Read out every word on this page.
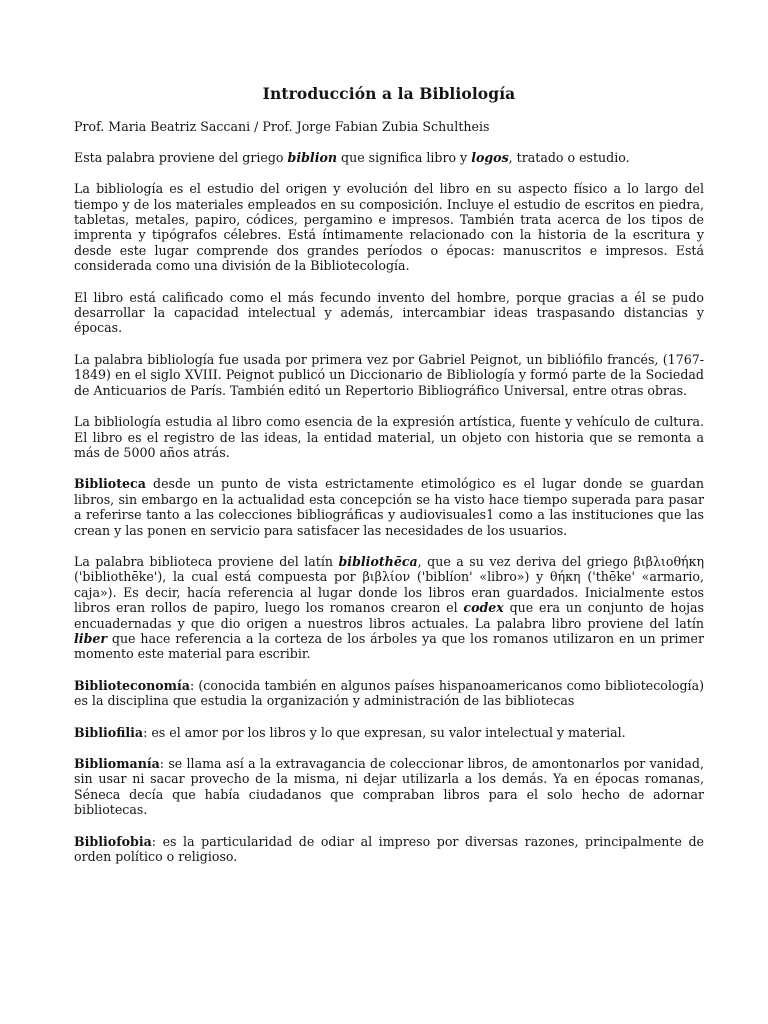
Introducción a la Bibliología
Prof. Maria Beatriz Saccani / Prof. Jorge Fabian Zubia Schultheis

Esta palabra proviene del griego biblion que significa libro y logos, tratado o estudio.

La bibliología es el estudio del origen y evolución del libro en su aspecto físico a lo largo del tiempo y de los materiales empleados en su composición. Incluye el estudio de escritos en piedra, tabletas, metales, papiro, códices, pergamino e impresos. También trata acerca de los tipos de imprenta y tipógrafos célebres. Está íntimamente relacionado con la historia de la escritura y desde este lugar comprende dos grandes períodos o épocas: manuscritos e impresos. Está considerada como una división de la Bibliotecología.

El libro está calificado como el más fecundo invento del hombre, porque gracias a él se pudo desarrollar la capacidad intelectual y además, intercambiar ideas traspasando distancias y épocas.

La palabra bibliología fue usada por primera vez por Gabriel Peignot, un bibliófilo francés, (1767-1849) en el siglo XVIII. Peignot publicó un Diccionario de Bibliología y formó parte de la Sociedad de Anticuarios de París. También editó un Repertorio Bibliográfico Universal, entre otras obras.

La bibliología estudia al libro como esencia de la expresión artística, fuente y vehículo de cultura. El libro es el registro de las ideas, la entidad material, un objeto con historia que se remonta a más de 5000 años atrás.

Biblioteca desde un punto de vista estrictamente etimológico es el lugar donde se guardan libros, sin embargo en la actualidad esta concepción se ha visto hace tiempo superada para pasar a referirse tanto a las colecciones bibliográficas y audiovisuales1 como a las instituciones que las crean y las ponen en servicio para satisfacer las necesidades de los usuarios.

La palabra biblioteca proviene del latín bibliothēca, que a su vez deriva del griego βιβλιοθήκη ('bibliothēke'), la cual está compuesta por βιβλίον ('biblíon' «libro») y θήκη ('thēke' «armario, caja»). Es decir, hacía referencia al lugar donde los libros eran guardados. Inicialmente estos libros eran rollos de papiro, luego los romanos crearon el codex que era un conjunto de hojas encuadernadas y que dio origen a nuestros libros actuales. La palabra libro proviene del latín liber que hace referencia a la corteza de los árboles ya que los romanos utilizaron en un primer momento este material para escribir.

Biblioteconomía: (conocida también en algunos países hispanoamericanos como bibliotecología) es la disciplina que estudia la organización y administración de las bibliotecas

Bibliofilia: es el amor por los libros y lo que expresan, su valor intelectual y material.

Bibliomanía: se llama así a la extravagancia de coleccionar libros, de amontonarlos por vanidad, sin usar ni sacar provecho de la misma, ni dejar utilizarla a los demás. Ya en épocas romanas, Séneca decía que había ciudadanos que compraban libros para el solo hecho de adornar bibliotecas.

Bibliofobia: es la particularidad de odiar al impreso por diversas razones, principalmente de orden político o religioso.
